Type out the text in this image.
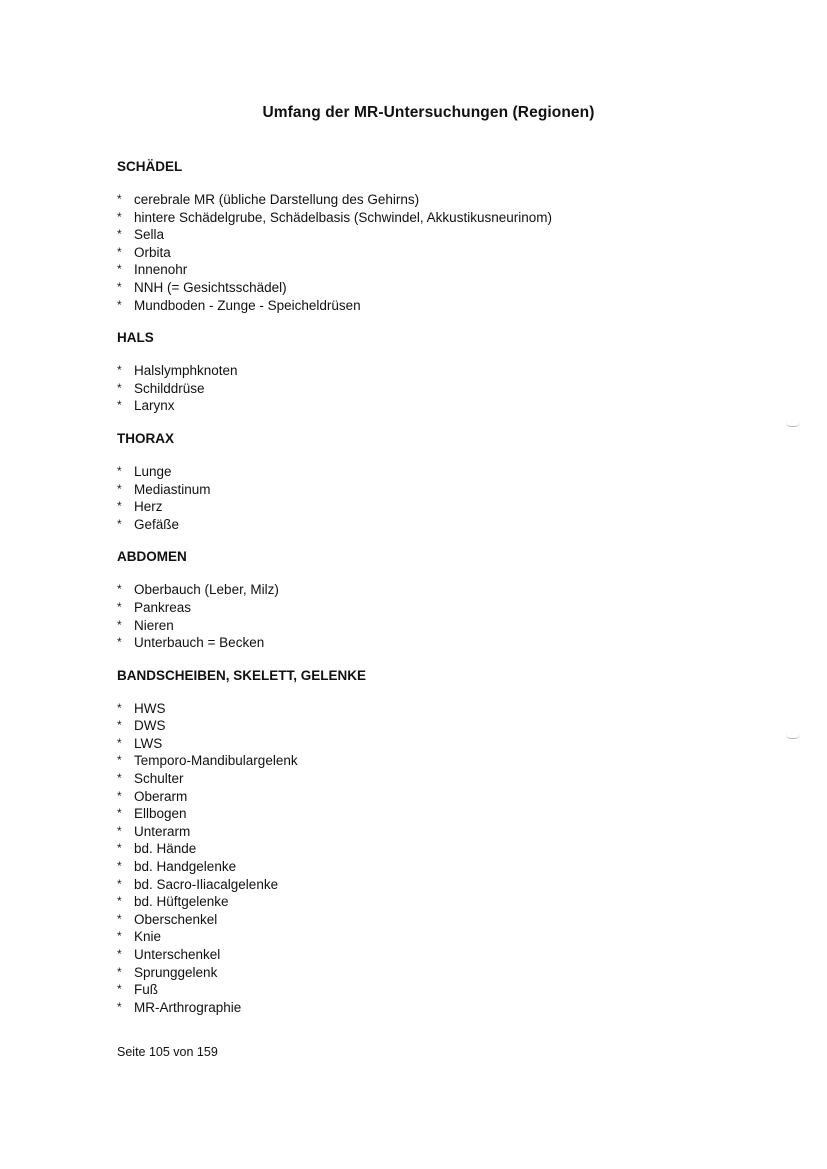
Umfang der MR-Untersuchungen (Regionen)
SCHÄDEL
* cerebrale MR (übliche Darstellung des Gehirns)
* hintere Schädelgrube, Schädelbasis (Schwindel, Akkustikusneurinom)
* Sella
* Orbita
* Innenohr
* NNH (= Gesichtsschädel)
* Mundboden - Zunge - Speicheldrüsen
HALS
* Halslymphknoten
* Schilddrüse
* Larynx
THORAX
* Lunge
* Mediastinum
* Herz
* Gefäße
ABDOMEN
* Oberbauch (Leber, Milz)
* Pankreas
* Nieren
* Unterbauch = Becken
BANDSCHEIBEN, SKELETT, GELENKE
* HWS
* DWS
* LWS
* Temporo-Mandibulargelenk
* Schulter
* Oberarm
* Ellbogen
* Unterarm
* bd. Hände
* bd. Handgelenke
* bd. Sacro-Iliacalgelenke
* bd. Hüftgelenke
* Oberschenkel
* Knie
* Unterschenkel
* Sprunggelenk
* Fuß
* MR-Arthrographie
Seite 105 von 159
